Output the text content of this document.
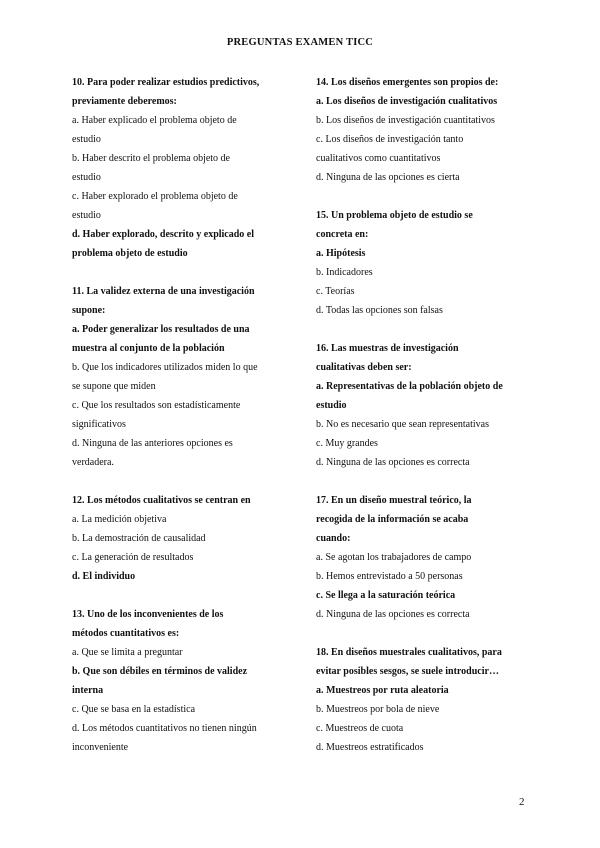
PREGUNTAS EXAMEN TICC
10. Para poder realizar estudios predictivos,
previamente deberemos:
a. Haber explicado el problema objeto de
estudio
b. Haber descrito el problema objeto de
estudio
c. Haber explorado el problema objeto de
estudio
d. Haber explorado, descrito y explicado el
problema objeto de estudio
11. La validez externa de una investigación
supone:
a. Poder generalizar los resultados de una
muestra al conjunto de la población
b. Que los indicadores utilizados miden lo que
se supone que miden
c. Que los resultados son estadísticamente
significativos
d. Ninguna de las anteriores opciones es
verdadera.
12. Los métodos cualitativos se centran en
a. La medición objetiva
b. La demostración de causalidad
c. La generación de resultados
d. El individuo
13. Uno de los inconvenientes de los
métodos cuantitativos es:
a. Que se limita a preguntar
b. Que son débiles en términos de validez
interna
c. Que se basa en la estadística
d. Los métodos cuantitativos no tienen ningún
inconveniente
14. Los diseños emergentes son propios de:
a. Los diseños de investigación cualitativos
b. Los diseños de investigación cuantitativos
c. Los diseños de investigación tanto
cualitativos como cuantitativos
d. Ninguna de las opciones es cierta
15. Un problema objeto de estudio se
concreta en:
a. Hipótesis
b. Indicadores
c. Teorías
d. Todas las opciones son falsas
16. Las muestras de investigación
cualitativas deben ser:
a. Representativas de la población objeto de
estudio
b. No es necesario que sean representativas
c. Muy grandes
d. Ninguna de las opciones es correcta
17. En un diseño muestral teórico, la
recogida de la información se acaba
cuando:
a. Se agotan los trabajadores de campo
b. Hemos entrevistado a 50 personas
c. Se llega a la saturación teórica
d. Ninguna de las opciones es correcta
18. En diseños muestrales cualitativos, para
evitar posibles sesgos, se suele introducir…
a. Muestreos por ruta aleatoria
b. Muestreos por bola de nieve
c. Muestreos de cuota
d. Muestreos estratificados
2
